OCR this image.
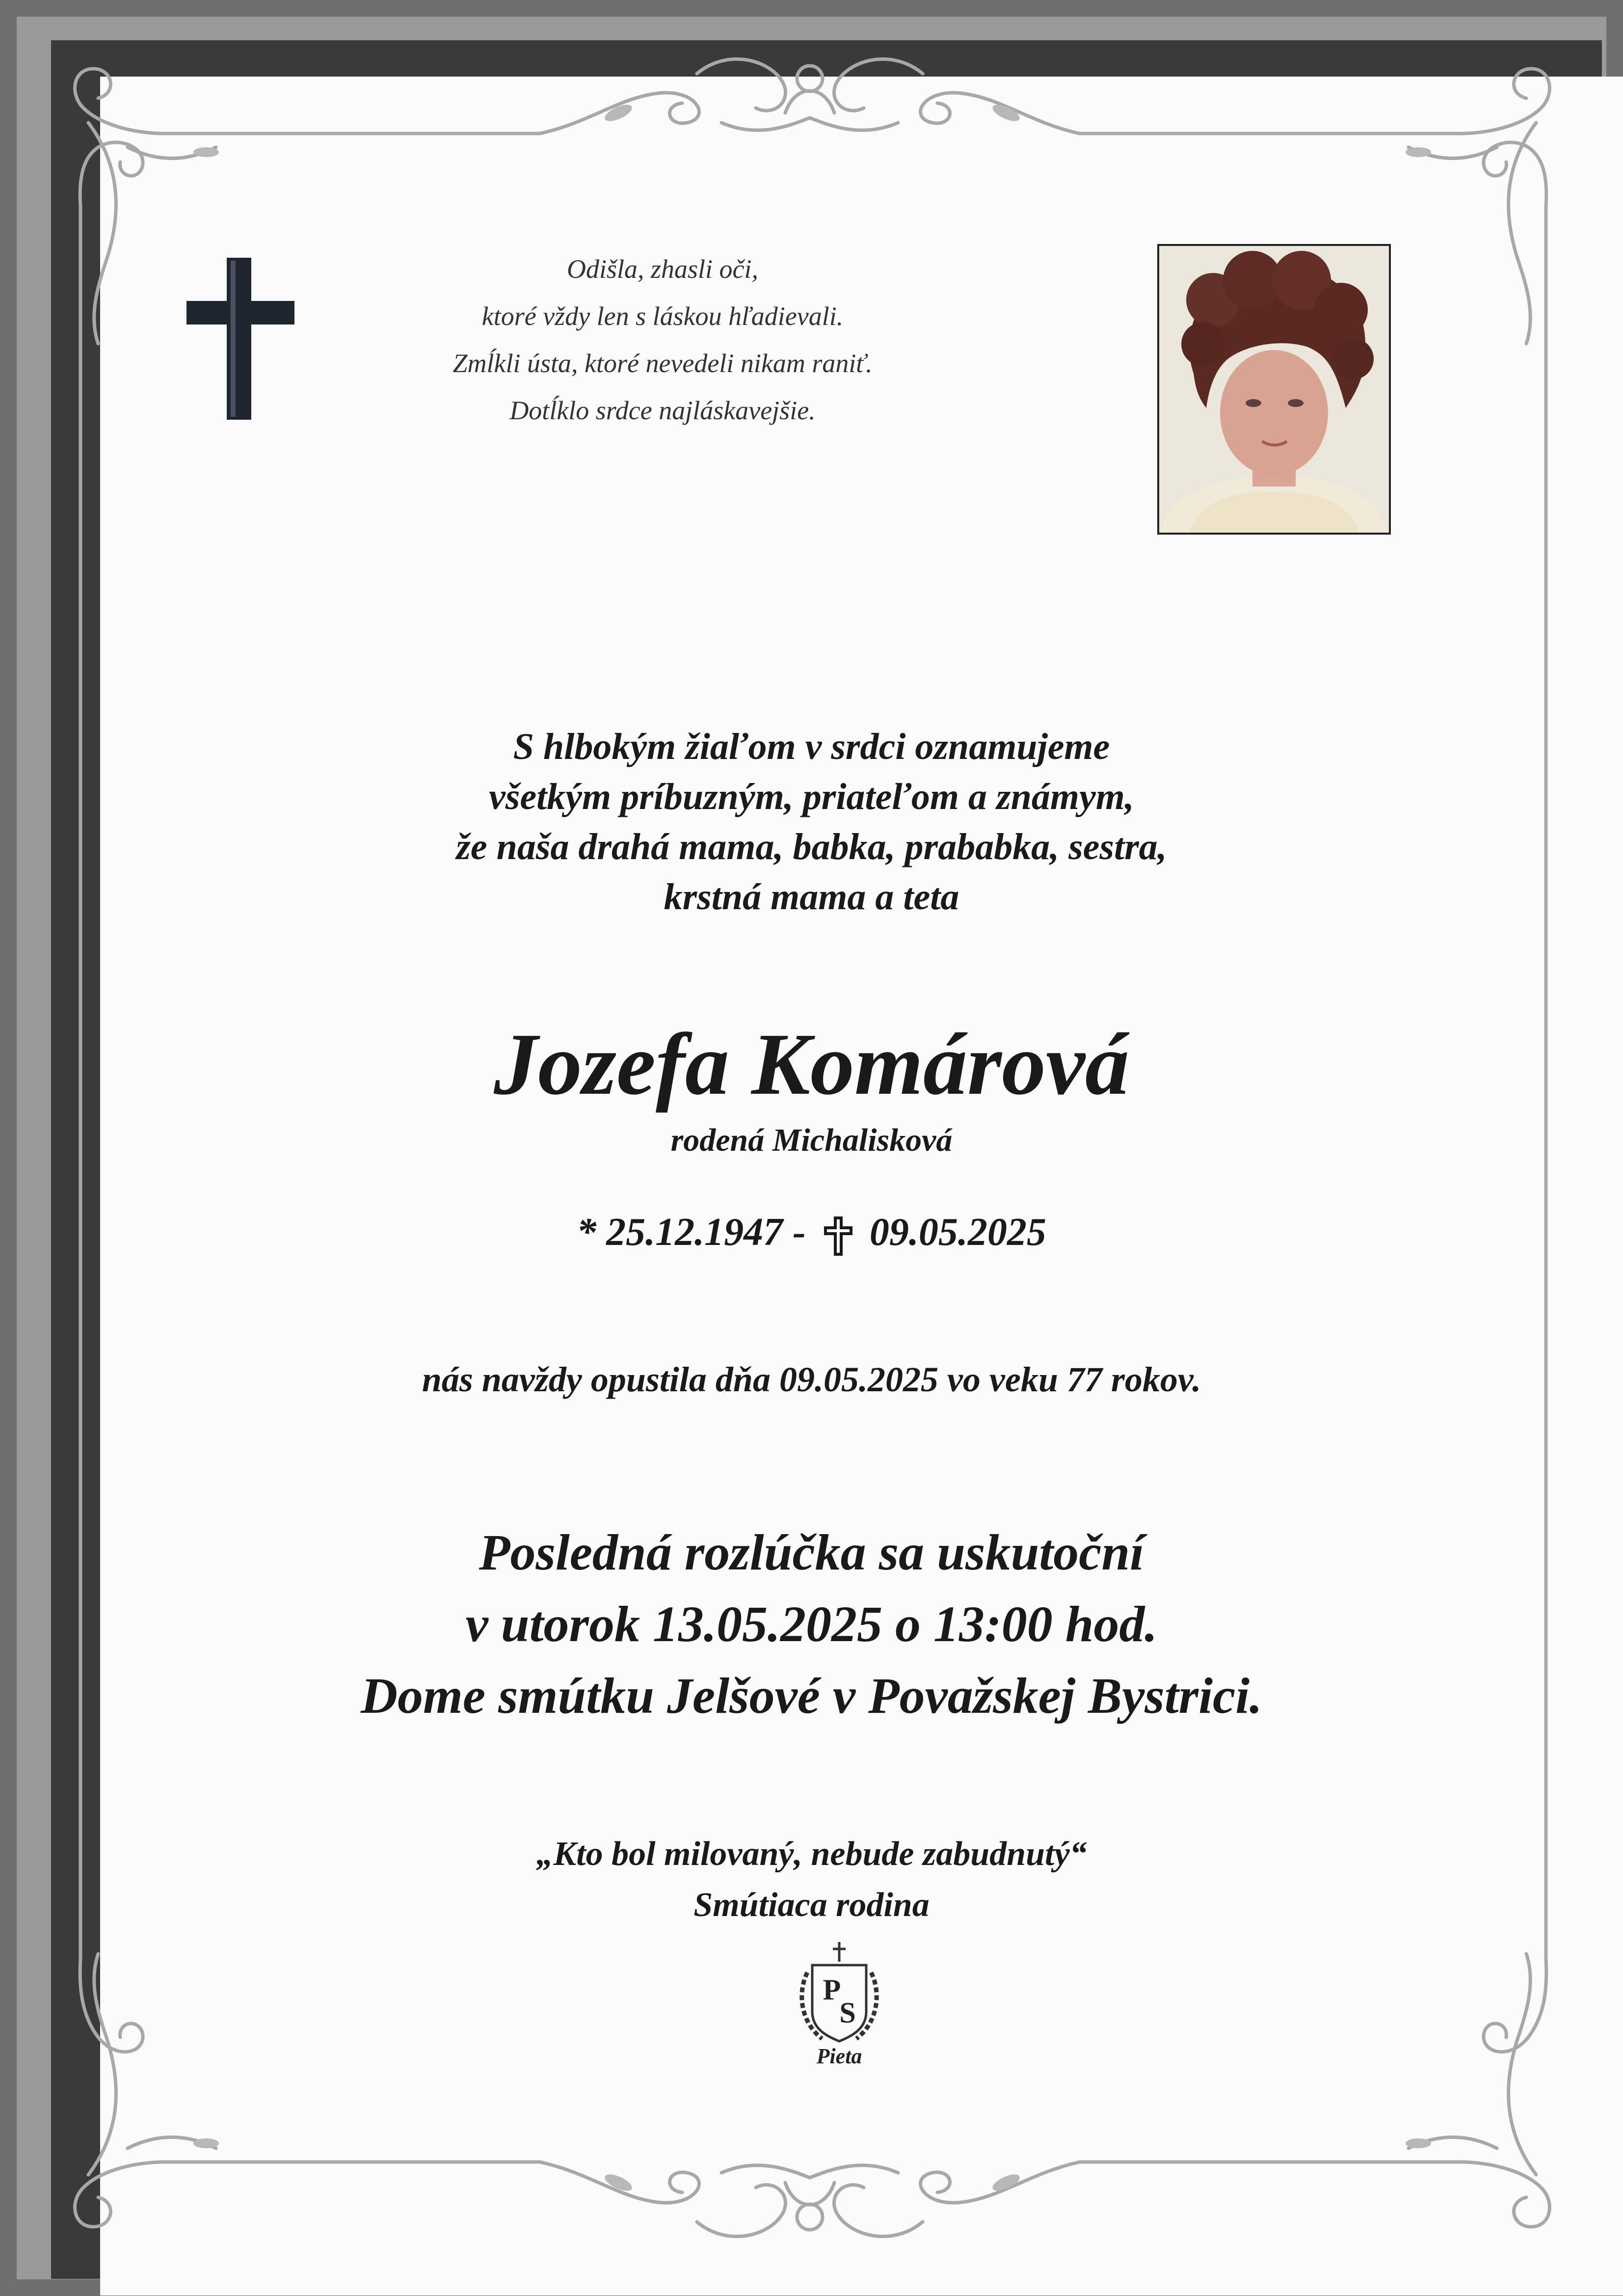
Odišla, zhasli oči,
ktoré vždy len s láskou hľadievali.
Zmĺkli ústa, ktoré nevedeli nikam raniť.
Dotĺklo srdce najláskavejšie.
S hlbokým žiaľom v srdci oznamujeme
všetkým príbuzným, priateľom a známym,
že naša drahá mama, babka, prababka, sestra,
krstná mama a teta
Jozefa Komárová
rodená Michalisková
* 25.12.1947 - 09.05.2025
nás navždy opustila dňa 09.05.2025 vo veku 77 rokov.
Posledná rozlúčka sa uskutoční
v utorok 13.05.2025 o 13:00 hod.
Dome smútku Jelšové v Považskej Bystrici.
„Kto bol milovaný, nebude zabudnutý“
Smútiaca rodina
P
S
Pieta
